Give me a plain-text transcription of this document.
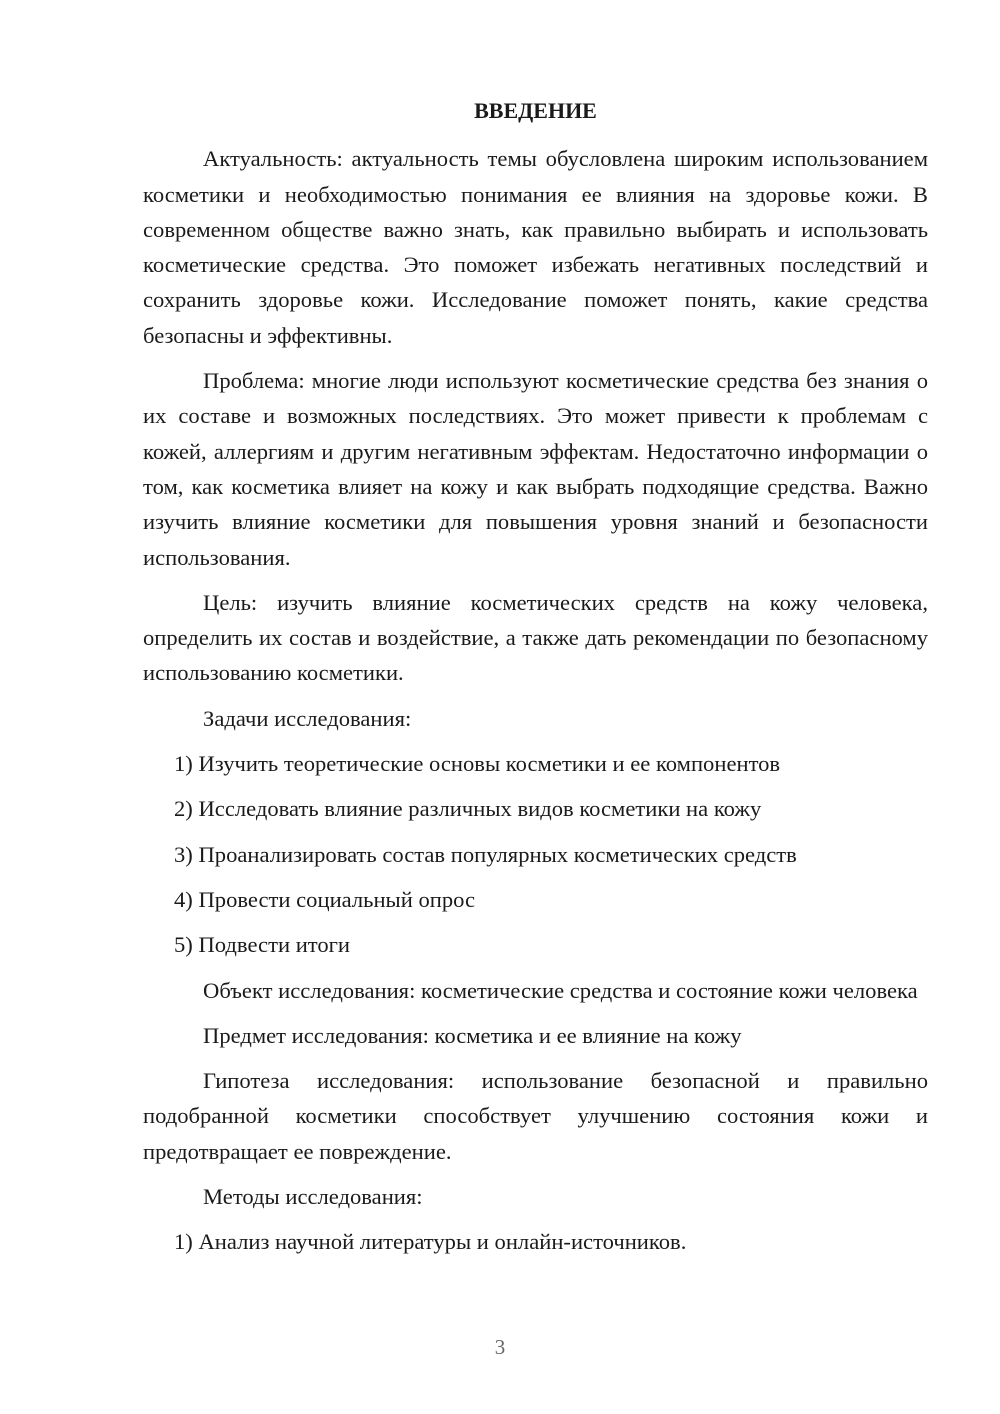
ВВЕДЕНИЕ
Актуальность: актуальность темы обусловлена широким использованием косметики и необходимостью понимания ее влияния на здоровье кожи. В современном обществе важно знать, как правильно выбирать и использовать косметические средства. Это поможет избежать негативных последствий и сохранить здоровье кожи. Исследование поможет понять, какие средства безопасны и эффективны.
Проблема: многие люди используют косметические средства без знания о их составе и возможных последствиях. Это может привести к проблемам с кожей, аллергиям и другим негативным эффектам. Недостаточно информации о том, как косметика влияет на кожу и как выбрать подходящие средства. Важно изучить влияние косметики для повышения уровня знаний и безопасности использования.
Цель: изучить влияние косметических средств на кожу человека, определить их состав и воздействие, а также дать рекомендации по безопасному использованию косметики.
Задачи исследования:
1) Изучить теоретические основы косметики и ее компонентов
2) Исследовать влияние различных видов косметики на кожу
3) Проанализировать состав популярных косметических средств
4) Провести социальный опрос
5) Подвести итоги
Объект исследования: косметические средства и состояние кожи человека
Предмет исследования: косметика и ее влияние на кожу
Гипотеза исследования: использование безопасной и правильно подобранной косметики способствует улучшению состояния кожи и предотвращает ее повреждение.
Методы исследования:
1) Анализ научной литературы и онлайн-источников.
3
